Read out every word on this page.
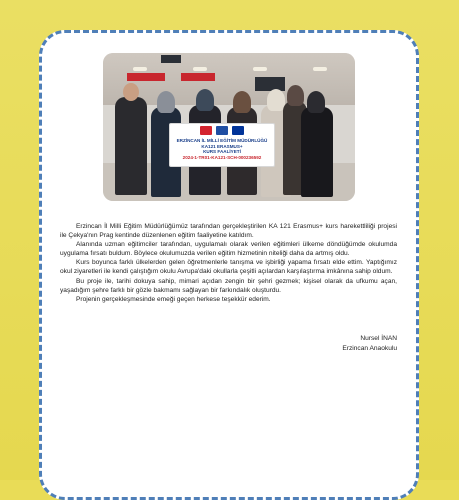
ERZİNCAN İL MİLLİ EĞİTİM MÜDÜRLÜĞÜ
KA121 ERASMUS+
KURS FAALİYETİ
2024-1-TR01-KA121-SCH-000236592

Erzincan İl Milli Eğitim Müdürlüğümüz tarafından gerçekleştirilen KA 121 Erasmus+ kurs harekettliliği projesi ile Çekya'nın Prag kentinde düzenlenen eğitim faaliyetine katıldım.

Alanında uzman eğitimciler tarafından, uygulamalı olarak verilen eğitimleri ülkeme döndüğümde okulumda uygulama fırsatı buldum. Böylece okulumuzda verilen eğitim hizmetinin niteliği daha da artmış oldu.

Kurs boyunca farklı ülkelerden gelen öğretmenlerle tanışma ve işbirliği yapama fırsatı elde ettim. Yaptığımız okul ziyaretleri ile kendi çalıştığım okulu Avrupa'daki okullarla çeşitli açılardan karşılaştırma imkânına sahip oldum.

Bu proje ile, tarihi dokuya sahip, mimari açıdan zengin bir şehri gezmek; kişisel olarak da ufkumu açan, yaşadığım şehre farklı bir gözle bakmamı sağlayan bir farkındalık oluşturdu.

Projenin gerçekleşmesinde emeği geçen herkese teşekkür ederim.

Nursel İNAN
Erzincan Anaokulu
